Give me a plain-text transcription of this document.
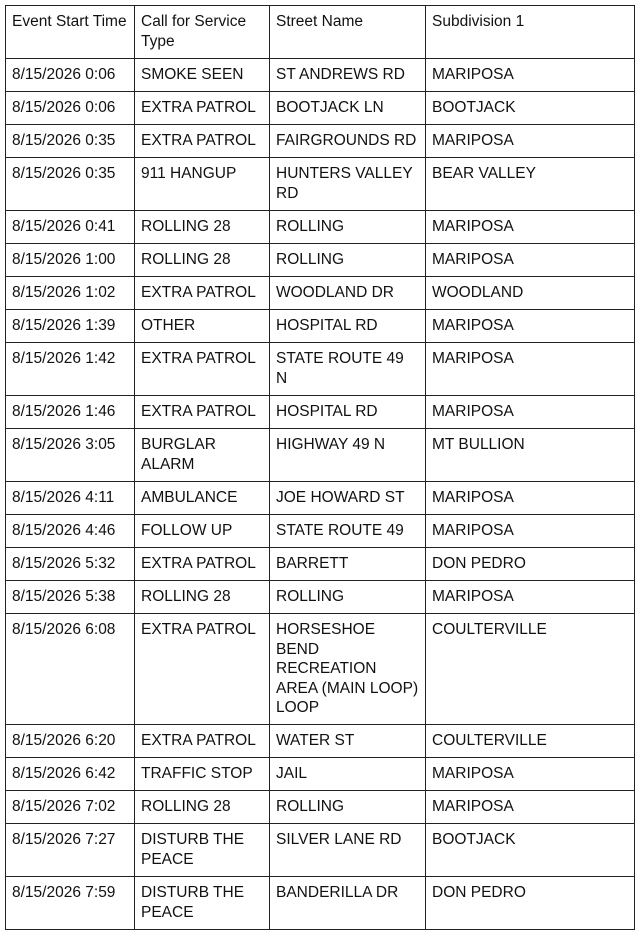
Event Start Time	Call for Service Type	Street Name	Subdivision 1
8/15/2026 0:06	SMOKE SEEN	ST ANDREWS RD	MARIPOSA
8/15/2026 0:06	EXTRA PATROL	BOOTJACK LN	BOOTJACK
8/15/2026 0:35	EXTRA PATROL	FAIRGROUNDS RD	MARIPOSA
8/15/2026 0:35	911 HANGUP	HUNTERS VALLEY RD	BEAR VALLEY
8/15/2026 0:41	ROLLING 28	ROLLING	MARIPOSA
8/15/2026 1:00	ROLLING 28	ROLLING	MARIPOSA
8/15/2026 1:02	EXTRA PATROL	WOODLAND DR	WOODLAND
8/15/2026 1:39	OTHER	HOSPITAL RD	MARIPOSA
8/15/2026 1:42	EXTRA PATROL	STATE ROUTE 49 N	MARIPOSA
8/15/2026 1:46	EXTRA PATROL	HOSPITAL RD	MARIPOSA
8/15/2026 3:05	BURGLAR ALARM	HIGHWAY 49 N	MT BULLION
8/15/2026 4:11	AMBULANCE	JOE HOWARD ST	MARIPOSA
8/15/2026 4:46	FOLLOW UP	STATE ROUTE 49	MARIPOSA
8/15/2026 5:32	EXTRA PATROL	BARRETT	DON PEDRO
8/15/2026 5:38	ROLLING 28	ROLLING	MARIPOSA
8/15/2026 6:08	EXTRA PATROL	HORSESHOE BEND RECREATION AREA (MAIN LOOP) LOOP	COULTERVILLE
8/15/2026 6:20	EXTRA PATROL	WATER ST	COULTERVILLE
8/15/2026 6:42	TRAFFIC STOP	JAIL	MARIPOSA
8/15/2026 7:02	ROLLING 28	ROLLING	MARIPOSA
8/15/2026 7:27	DISTURB THE PEACE	SILVER LANE RD	BOOTJACK
8/15/2026 7:59	DISTURB THE PEACE	BANDERILLA DR	DON PEDRO
